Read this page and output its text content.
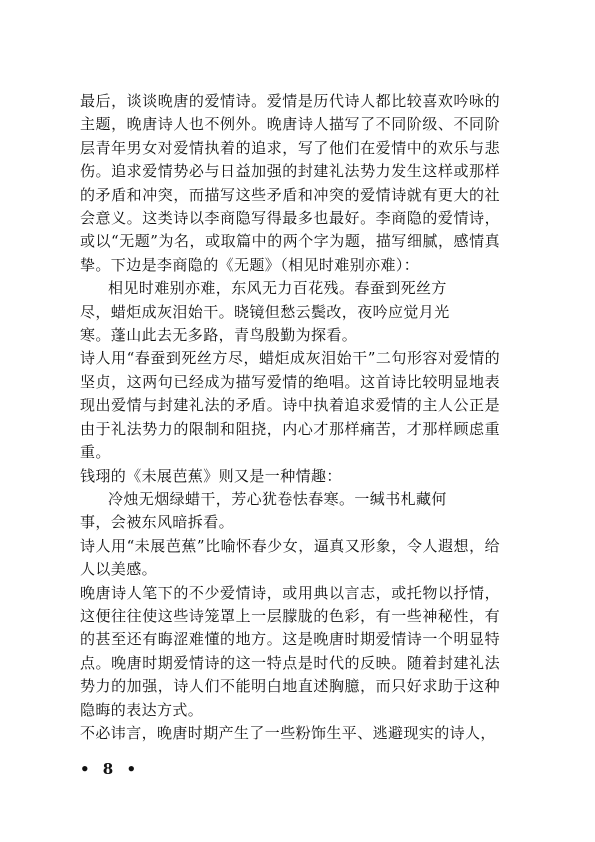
最后，谈谈晚唐的爱情诗。爱情是历代诗人都比较喜欢吟咏的主题，晚唐诗人也不例外。晚唐诗人描写了不同阶级、不同阶层青年男女对爱情执着的追求，写了他们在爱情中的欢乐与悲伤。追求爱情势必与日益加强的封建礼法势力发生这样或那样的矛盾和冲突，而描写这些矛盾和冲突的爱情诗就有更大的社会意义。这类诗以李商隐写得最多也最好。李商隐的爱情诗，或以“无题”为名，或取篇中的两个字为题，描写细腻，感情真挚。下边是李商隐的《无题》（相见时难别亦难）：

相见时难别亦难，东风无力百花残。春蚕到死丝方

尽，蜡炬成灰泪始干。晓镜但愁云鬓改，夜吟应觉月光

寒。蓬山此去无多路，青鸟殷勤为探看。

诗人用“春蚕到死丝方尽，蜡炬成灰泪始干”二句形容对爱情的坚贞，这两句已经成为描写爱情的绝唱。这首诗比较明显地表现出爱情与封建礼法的矛盾。诗中执着追求爱情的主人公正是由于礼法势力的限制和阻挠，内心才那样痛苦，才那样顾虑重重。

钱珝的《未展芭蕉》则又是一种情趣：

冷烛无烟绿蜡干，芳心犹卷怯春寒。一缄书札藏何

事，会被东风暗拆看。

诗人用“未展芭蕉”比喻怀春少女，逼真又形象，令人遐想，给人以美感。

晚唐诗人笔下的不少爱情诗，或用典以言志，或托物以抒情，这便往往使这些诗笼罩上一层朦胧的色彩，有一些神秘性，有的甚至还有晦涩难懂的地方。这是晚唐时期爱情诗一个明显特点。晚唐时期爱情诗的这一特点是时代的反映。随着封建礼法势力的加强，诗人们不能明白地直述胸臆，而只好求助于这种隐晦的表达方式。

不必讳言，晚唐时期产生了一些粉饰生平、逃避现实的诗人，

• 8 •
